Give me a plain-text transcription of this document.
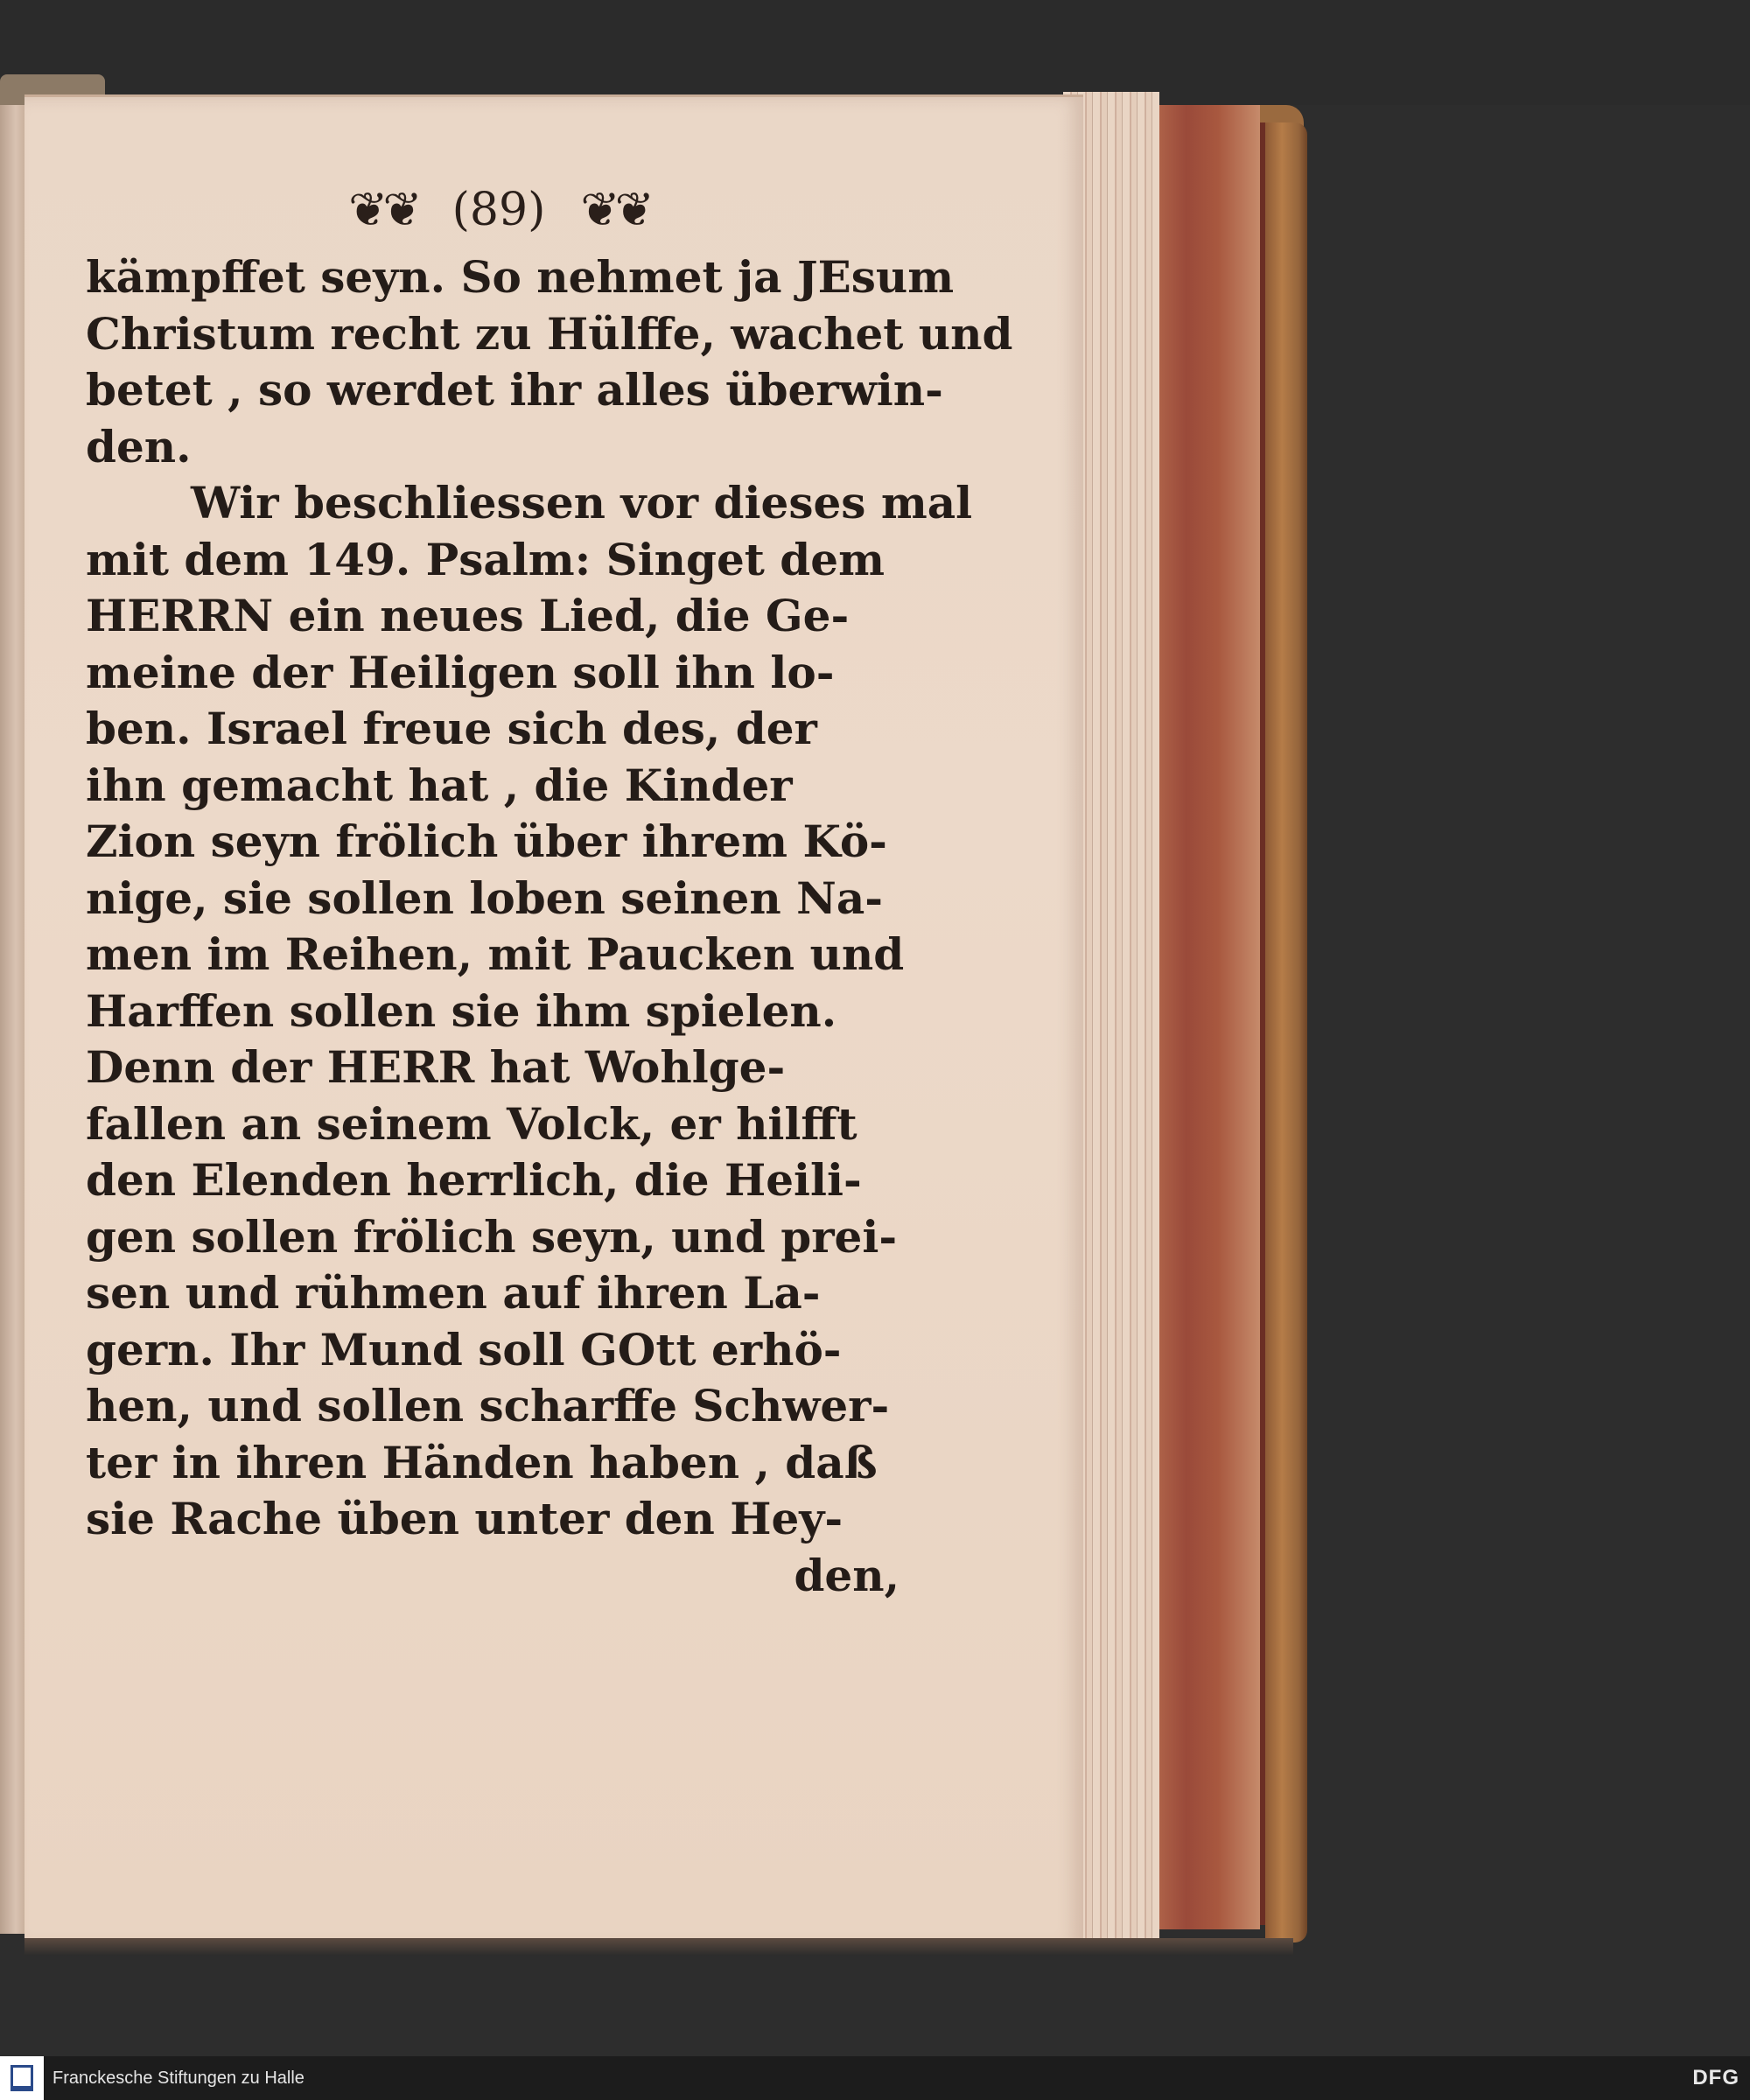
❦❦ (89) ❦❦
kämpffet seyn. So nehmet ja JEsum
Christum recht zu Hülffe, wachet und
betet , so werdet ihr alles überwin-
den.
Wir beschliessen vor dieses mal
mit dem 149. Psalm: Singet dem
HERRN ein neues Lied, die Ge-
meine der Heiligen soll ihn lo-
ben. Israel freue sich des, der
ihn gemacht hat , die Kinder
Zion seyn frölich über ihrem Kö-
nige, sie sollen loben seinen Na-
men im Reihen, mit Paucken und
Harffen sollen sie ihm spielen.
Denn der HERR hat Wohlge-
fallen an seinem Volck, er hilfft
den Elenden herrlich, die Heili-
gen sollen frölich seyn, und prei-
sen und rühmen auf ihren La-
gern. Ihr Mund soll GOtt erhö-
hen, und sollen scharffe Schwer-
ter in ihren Händen haben , daß
sie Rache üben unter den Hey-
den,
Franckesche Stiftungen zu Halle	DFG
